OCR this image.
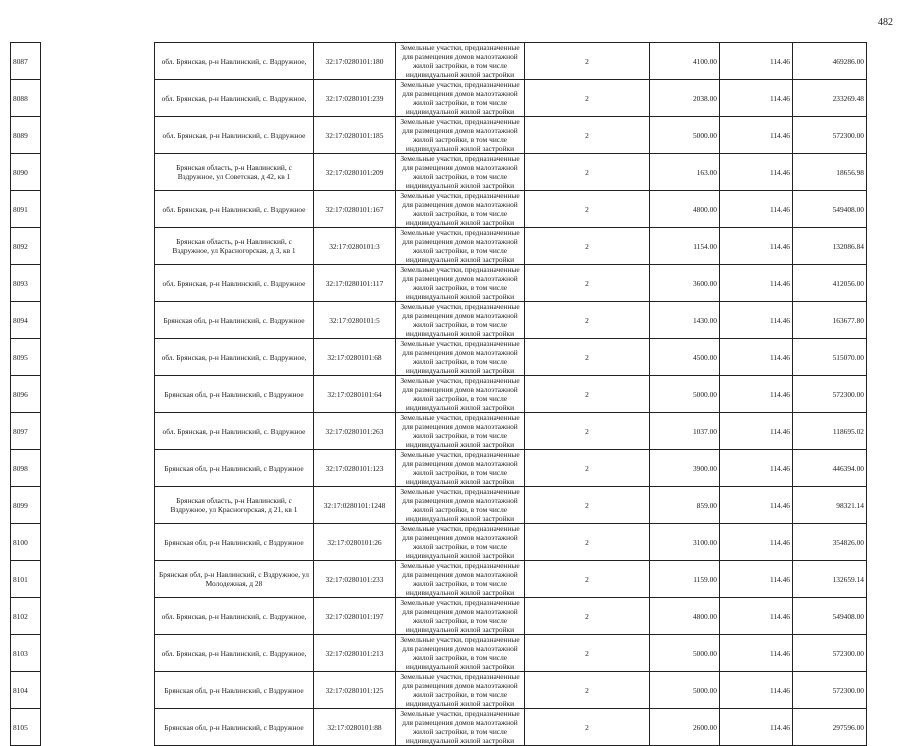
482
8087		обл. Брянская, р-н Навлинский, с. Вздружное,	32:17:0280101:180	Земельные участки, предназначенные для размещения домов малоэтажной жилой застройки, в том числе индивидуальной жилой застройки	2	4100.00	114.46	469286.00
8088		обл. Брянская, р-н Навлинский, с. Вздружное,	32:17:0280101:239	Земельные участки, предназначенные для размещения домов малоэтажной жилой застройки, в том числе индивидуальной жилой застройки	2	2038.00	114.46	233269.48
8089		обл. Брянская, р-н Навлинский, с. Вздружное	32:17:0280101:185	Земельные участки, предназначенные для размещения домов малоэтажной жилой застройки, в том числе индивидуальной жилой застройки	2	5000.00	114.46	572300.00
8090		Брянская область, р-н Навлинский, с Вздружное, ул Советская, д 42, кв 1	32:17:0280101:209	Земельные участки, предназначенные для размещения домов малоэтажной жилой застройки, в том числе индивидуальной жилой застройки	2	163.00	114.46	18656.98
8091		обл. Брянская, р-н Навлинский, с. Вздружное	32:17:0280101:167	Земельные участки, предназначенные для размещения домов малоэтажной жилой застройки, в том числе индивидуальной жилой застройки	2	4800.00	114.46	549408.00
8092		Брянская область, р-н Навлинский, с Вздружное, ул Красногорская, д 3, кв 1	32:17:0280101:3	Земельные участки, предназначенные для размещения домов малоэтажной жилой застройки, в том числе индивидуальной жилой застройки	2	1154.00	114.46	132086.84
8093		обл. Брянская, р-н Навлинский, с. Вздружное	32:17:0280101:117	Земельные участки, предназначенные для размещения домов малоэтажной жилой застройки, в том числе индивидуальной жилой застройки	2	3600.00	114.46	412056.00
8094		Брянская обл, р-н Навлинский, с. Вздружное	32:17:0280101:5	Земельные участки, предназначенные для размещения домов малоэтажной жилой застройки, в том числе индивидуальной жилой застройки	2	1430.00	114.46	163677.80
8095		обл. Брянская, р-н Навлинский, с. Вздружное,	32:17:0280101:68	Земельные участки, предназначенные для размещения домов малоэтажной жилой застройки, в том числе индивидуальной жилой застройки	2	4500.00	114.46	515070.00
8096		Брянская обл, р-н Навлинский, с Вздружное	32:17:0280101:64	Земельные участки, предназначенные для размещения домов малоэтажной жилой застройки, в том числе индивидуальной жилой застройки	2	5000.00	114.46	572300.00
8097		обл. Брянская, р-н Навлинский, с. Вздружное	32:17:0280101:263	Земельные участки, предназначенные для размещения домов малоэтажной жилой застройки, в том числе индивидуальной жилой застройки	2	1037.00	114.46	118695.02
8098		Брянская обл, р-н Навлинский, с Вздружное	32:17:0280101:123	Земельные участки, предназначенные для размещения домов малоэтажной жилой застройки, в том числе индивидуальной жилой застройки	2	3900.00	114.46	446394.00
8099		Брянская область, р-н Навлинский, с Вздружное, ул Красногорская, д 21, кв 1	32:17:0280101:1248	Земельные участки, предназначенные для размещения домов малоэтажной жилой застройки, в том числе индивидуальной жилой застройки	2	859.00	114.46	98321.14
8100		Брянская обл, р-н Навлинский, с Вздружное	32:17:0280101:26	Земельные участки, предназначенные для размещения домов малоэтажной жилой застройки, в том числе индивидуальной жилой застройки	2	3100.00	114.46	354826.00
8101		Брянская обл, р-н Навлинский, с Вздружное, ул Молодежная, д 28	32:17:0280101:233	Земельные участки, предназначенные для размещения домов малоэтажной жилой застройки, в том числе индивидуальной жилой застройки	2	1159.00	114.46	132659.14
8102		обл. Брянская, р-н Навлинский, с. Вздружное,	32:17:0280101:197	Земельные участки, предназначенные для размещения домов малоэтажной жилой застройки, в том числе индивидуальной жилой застройки	2	4800.00	114.46	549408.00
8103		обл. Брянская, р-н Навлинский, с. Вздружное,	32:17:0280101:213	Земельные участки, предназначенные для размещения домов малоэтажной жилой застройки, в том числе индивидуальной жилой застройки	2	5000.00	114.46	572300.00
8104		Брянская обл, р-н Навлинский, с Вздружное	32:17:0280101:125	Земельные участки, предназначенные для размещения домов малоэтажной жилой застройки, в том числе индивидуальной жилой застройки	2	5000.00	114.46	572300.00
8105		Брянская обл, р-н Навлинский, с Вздружное	32:17:0280101:88	Земельные участки, предназначенные для размещения домов малоэтажной жилой застройки, в том числе индивидуальной жилой застройки	2	2600.00	114.46	297596.00
